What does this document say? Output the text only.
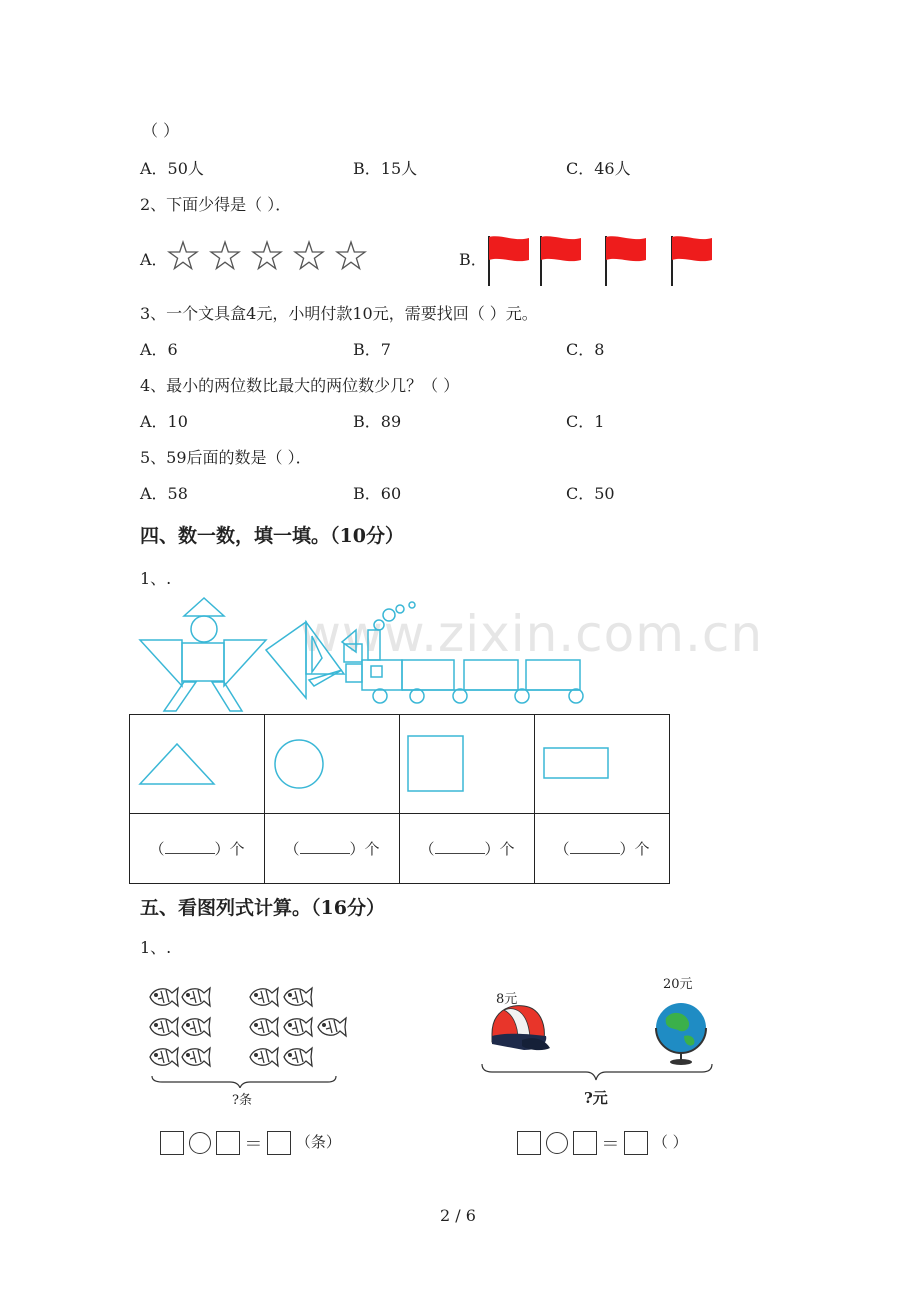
（ ）
A．50人	B．15人	C．46人
2、下面少得是（ ）．
A．	B．
3、一个文具盒4元，小明付款10元，需要找回（ ）元。
A．6	B．7	C．8
4、最小的两位数比最大的两位数少几？（ ）
A．10	B．89	C．1
5、59后面的数是（ ）．
A．58	B．60	C．50
四、数一数，填一填。（10分）
1、.
www.zixin.com.cn

（ ）个	（ ）个	（ ）个	（ ）个
五、看图列式计算。（16分）
1、.
?条
＝ （条）
8元
20元
?元
＝ （ ）
2 / 6
